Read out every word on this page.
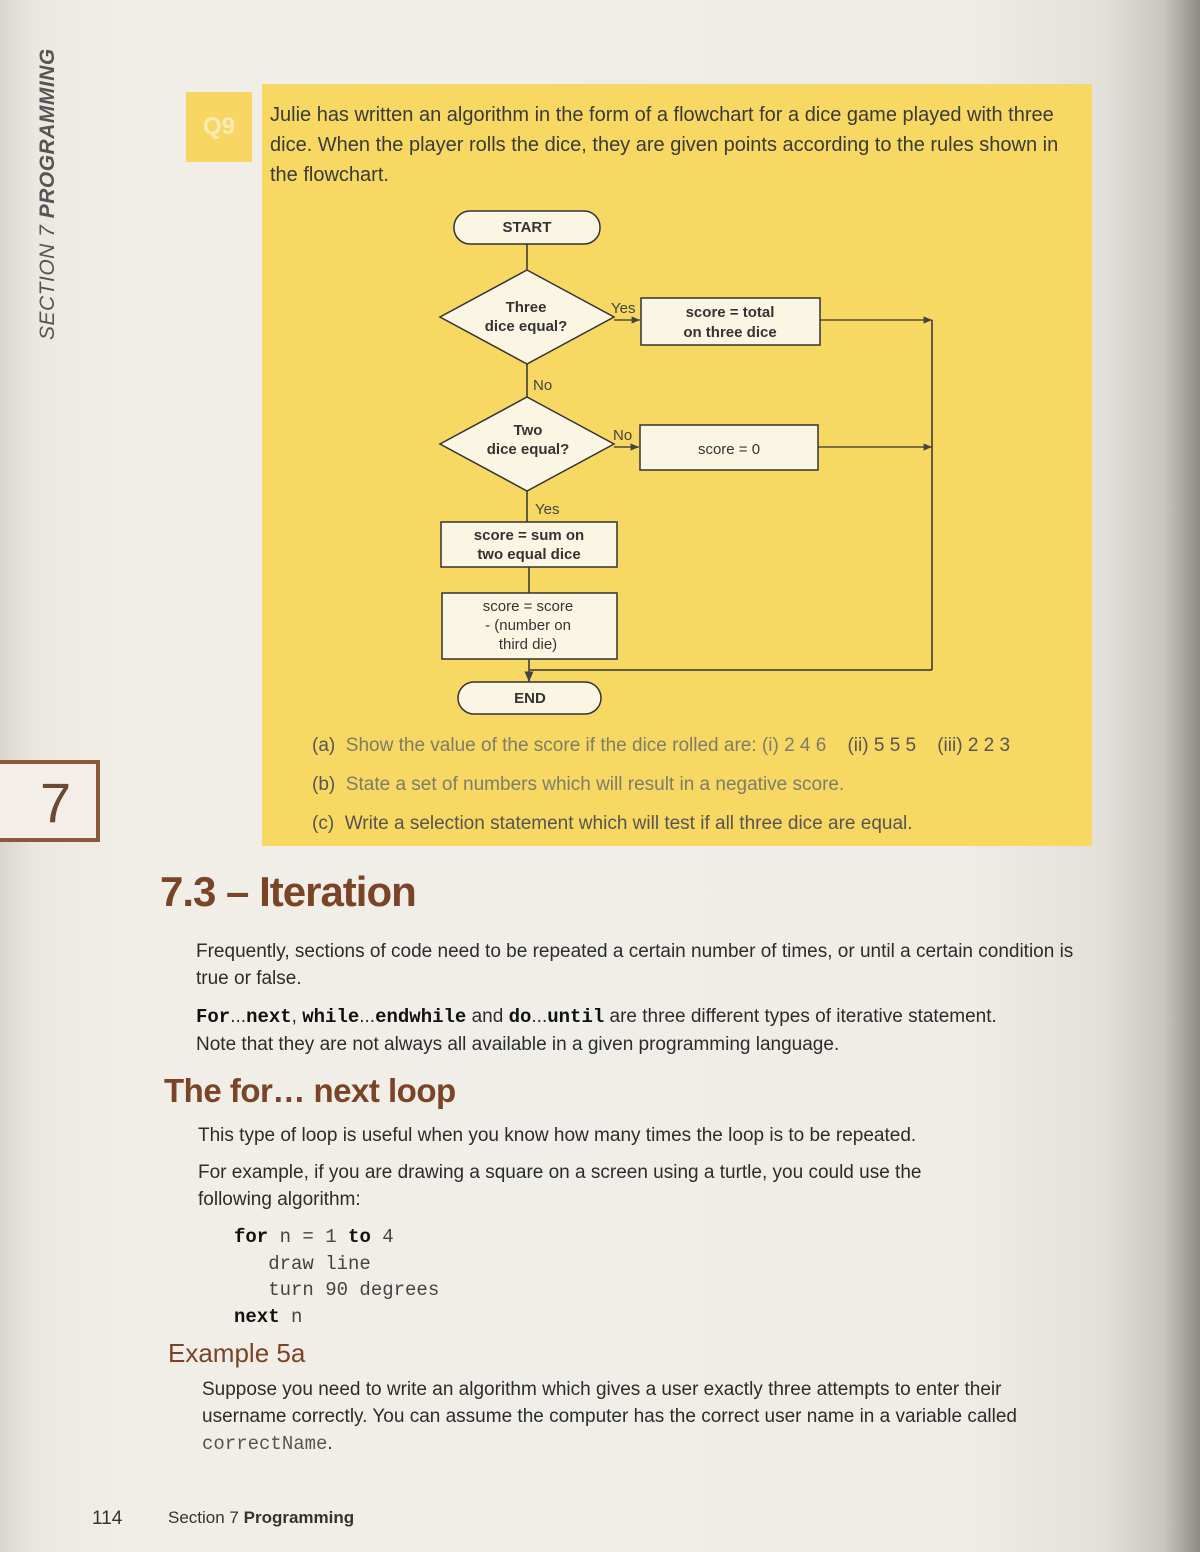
SECTION 7 PROGRAMMING
7
Q9	Julie has written an algorithm in the form of a flowchart for a dice game played with three dice. When the player rolls the dice, they are given points according to the rules shown in the flowchart.
START
Three
dice equal?
Yes	score = total
on three dice
No
Two
dice equal?
No
score = 0
Yes
score = sum on
two equal dice
score = score
- (number on
third die)
END
(a) Show the value of the score if the dice rolled are: (i) 2 4 6 (ii) 5 5 5 (iii) 2 2 3
(b) State a set of numbers which will result in a negative score.
(c) Write a selection statement which will test if all three dice are equal.
7.3 – Iteration
Frequently, sections of code need to be repeated a certain number of times, or until a certain condition is true or false.
For...next, while...endwhile and do...until are three different types of iterative statement.
Note that they are not always all available in a given programming language.
The for… next loop
This type of loop is useful when you know how many times the loop is to be repeated.
For example, if you are drawing a square on a screen using a turtle, you could use the following algorithm:
for n = 1 to 4
draw line
turn 90 degrees
next n
Example 5a
Suppose you need to write an algorithm which gives a user exactly three attempts to enter their username correctly. You can assume the computer has the correct user name in a variable called correctName.
114	Section 7 Programming
